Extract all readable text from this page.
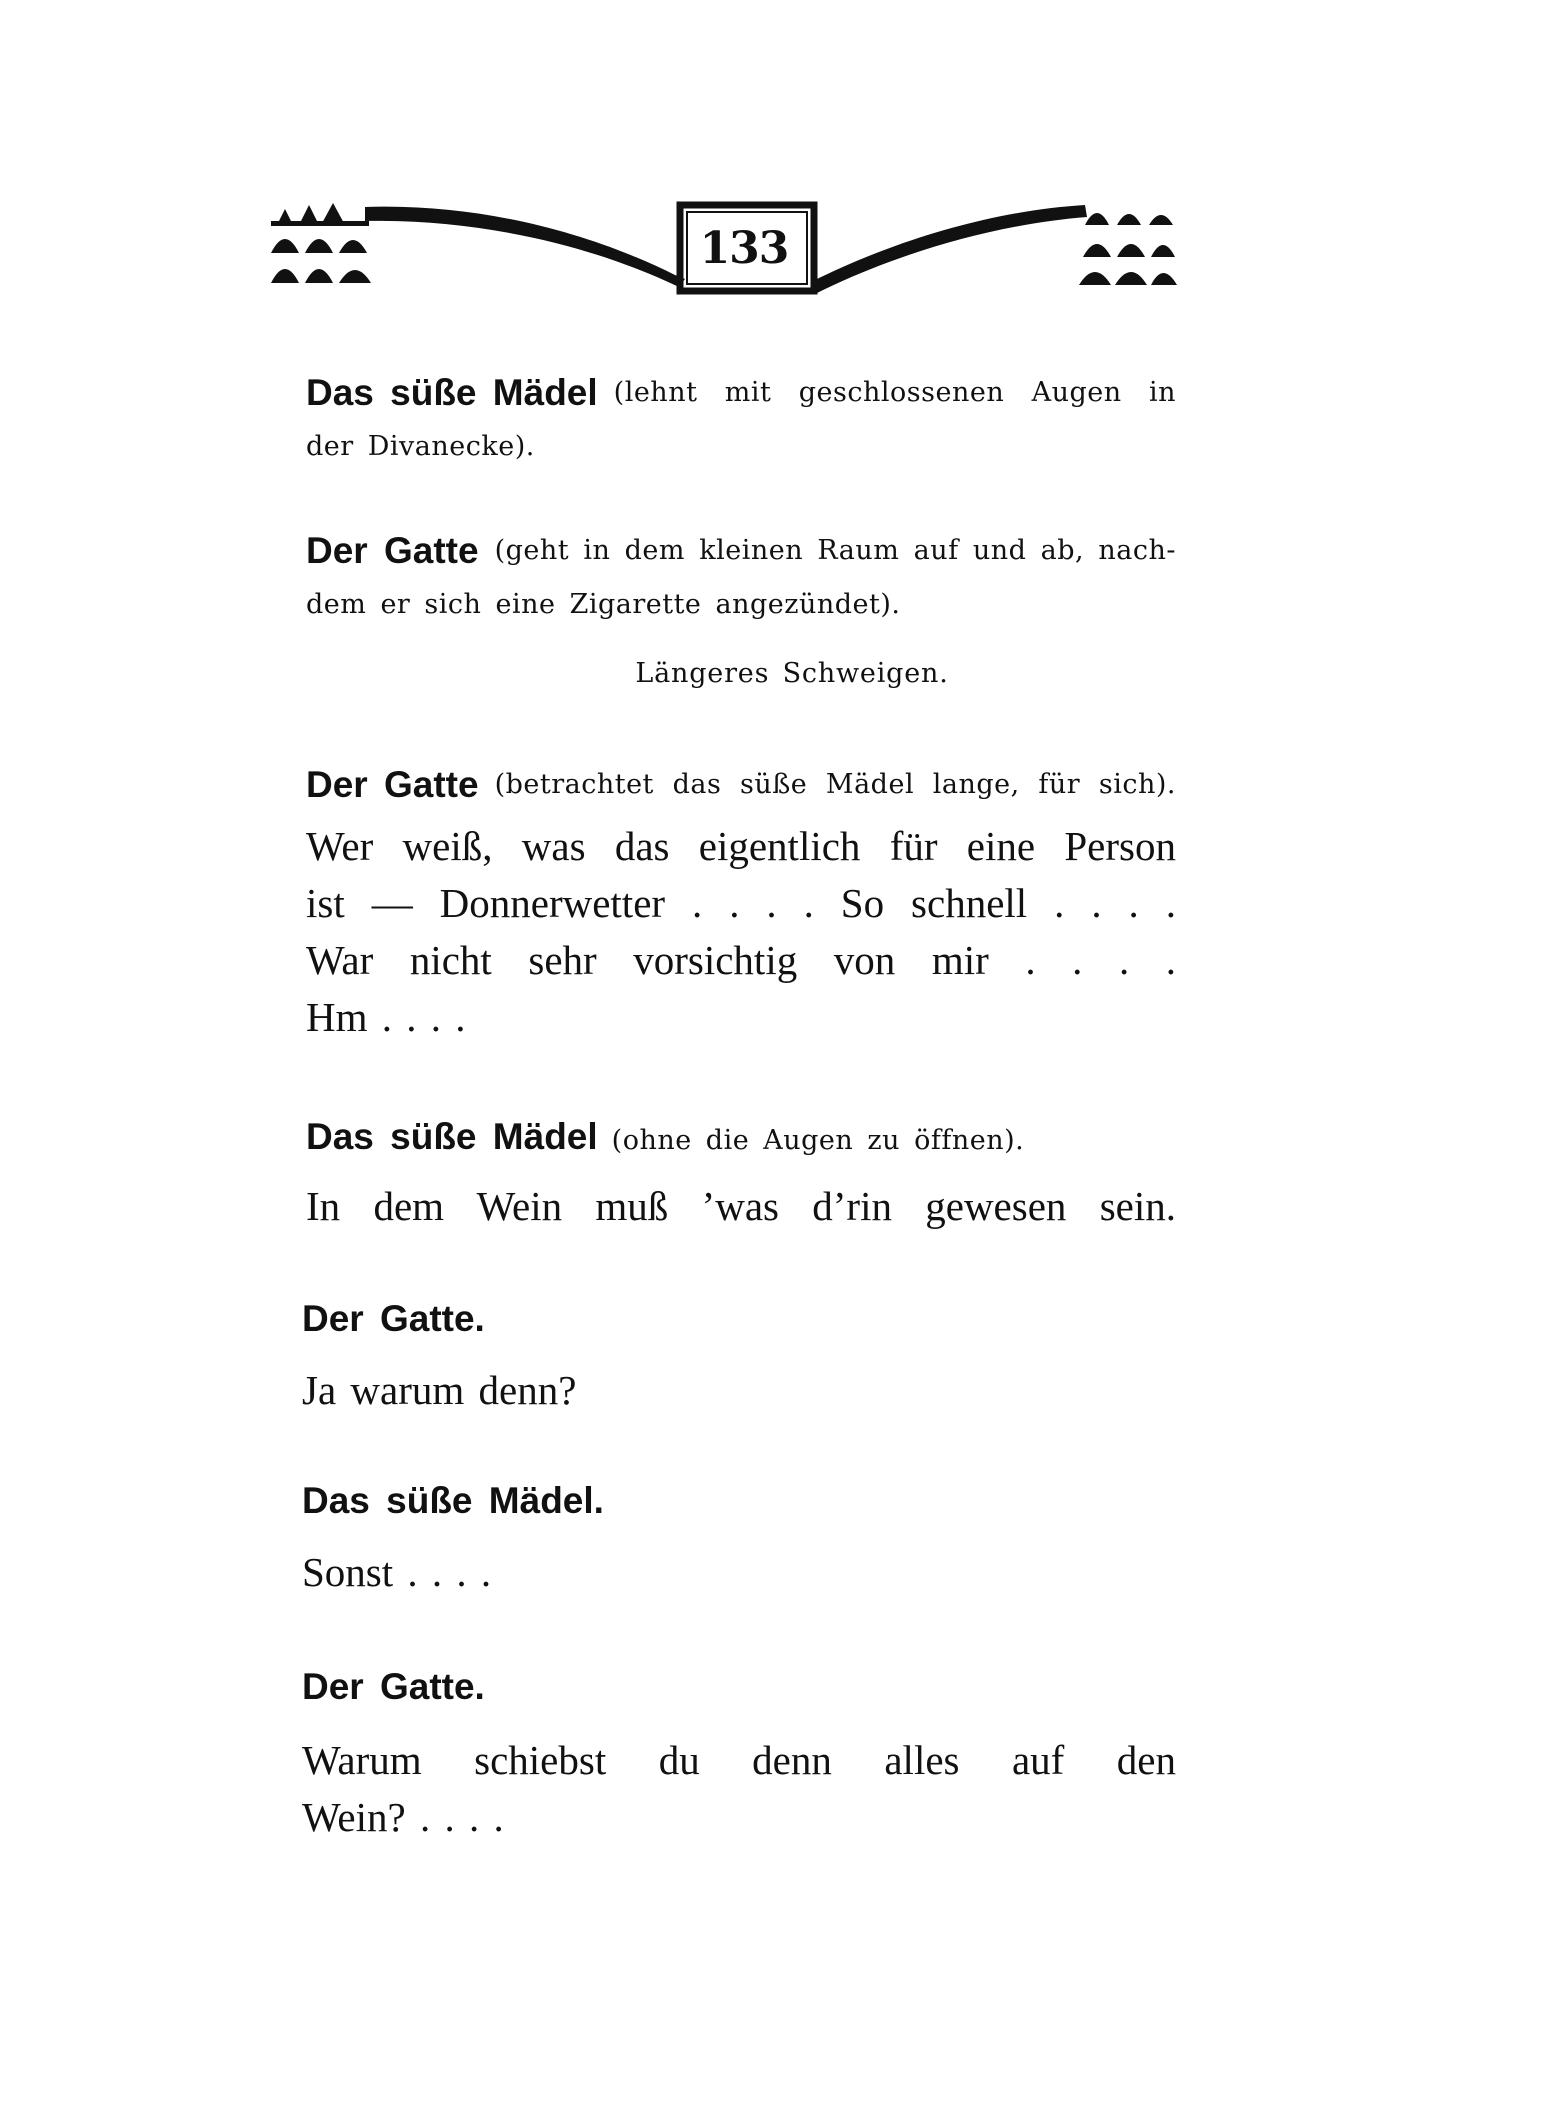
133
Das süße Mädel (lehnt mit geschlossenen Augen in
der Divanecke).
Der Gatte (geht in dem kleinen Raum auf und ab, nach-
dem er sich eine Zigarette angezündet).
Längeres Schweigen.
Der Gatte (betrachtet das süße Mädel lange, für sich).
Wer weiß, was das eigentlich für eine Person
ist — Donnerwetter . . . . So schnell . . . .
War nicht sehr vorsichtig von mir . . . .
Hm . . . .
Das süße Mädel (ohne die Augen zu öffnen).
In dem Wein muß ’was d’rin gewesen sein.
Der Gatte.
Ja warum denn?
Das süße Mädel.
Sonst . . . .
Der Gatte.
Warum schiebst du denn alles auf den
Wein? . . . .
